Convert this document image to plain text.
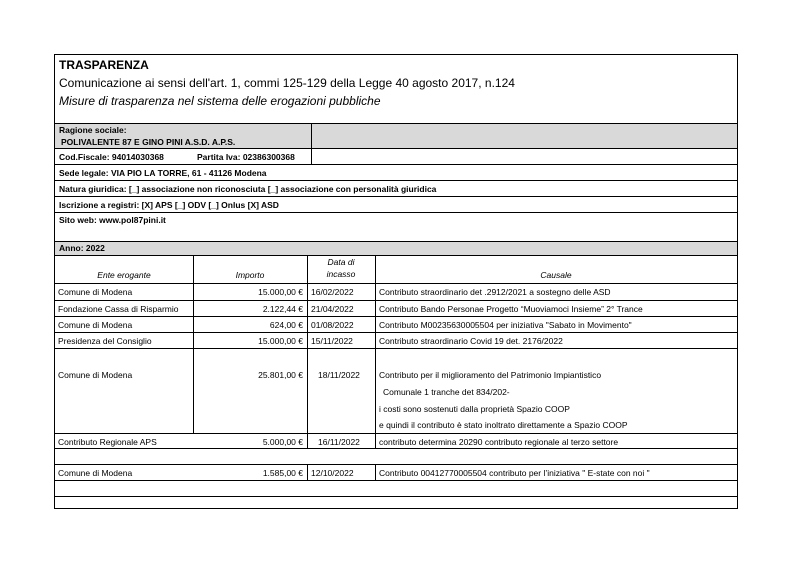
TRASPARENZA
Comunicazione ai sensi dell'art. 1, commi 125-129 della Legge 40 agosto 2017, n.124
Misure di trasparenza nel sistema delle erogazioni pubbliche
Ragione sociale:
POLIVALENTE 87 E GINO PINI A.S.D. A.P.S.
Cod.Fiscale: 94014030368	Partita Iva: 02386300368
Sede legale: VIA PIO LA TORRE, 61 - 41126 Modena
Natura giuridica: [_] associazione non riconosciuta [_] associazione con personalità giuridica
Iscrizione a registri: [X] APS [_] ODV [_] Onlus [X] ASD
Sito web: www.pol87pini.it
Anno: 2022
Ente erogante	Importo
Data di
incasso	Causale
Comune di Modena	15.000,00 € 16/02/2022	Contributo straordinario det .2912/2021 a sostegno delle ASD
Fondazione Cassa di Risparmio	2.122,44 € 21/04/2022	Contributo Bando Personae Progetto “Muoviamoci Insieme” 2° Trance
Comune di Modena	624,00 € 01/08/2022	Contributo M00235630005504 per iniziativa "Sabato in Movimento"
Presidenza del Consiglio	15.000,00 € 15/11/2022	Contributo straordinario Covid 19 det. 2176/2022
Comune di Modena	25.801,00 € 18/11/2022 Contributo per il miglioramento del Patrimonio Impiantistico
Comunale 1 tranche det 834/202-
i costi sono sostenuti dalla proprietà Spazio COOP
e quindi il contributo è stato inoltrato direttamente a Spazio COOP
Contributo Regionale APS	5.000,00 € 16/11/2022 contributo determina 20290 contributo regionale al terzo settore
Comune di Modena	1.585,00 € 12/10/2022	Contributo 00412770005504 contributo per l’iniziativa " E-state con noi "
